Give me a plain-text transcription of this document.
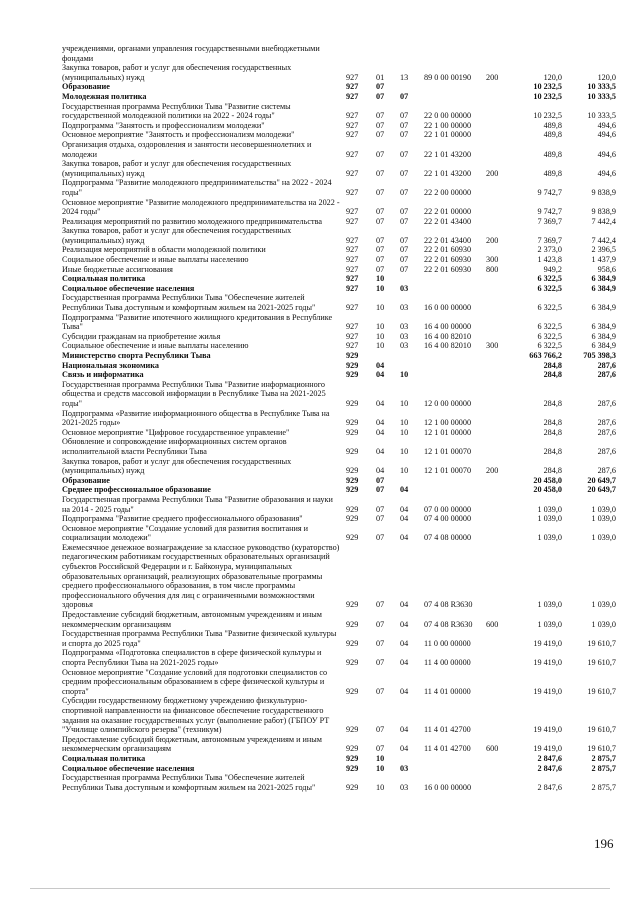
учреждениями, органами управления государственными внебюджетными фондами							
Закупка товаров, работ и услуг для обеспечения государственных (муниципальных) нужд	927	01	13	89 0 00 00190	200	120,0	120,0
Образование	927	07				10 232,5	10 333,5
Молодежная политика	927	07	07			10 232,5	10 333,5
Государственная программа Республики Тыва "Развитие системы государственной молодежной политики на 2022 - 2024 годы"	927	07	07	22 0 00 00000		10 232,5	10 333,5
Подпрограмма "Занятость и профессионализм молодежи"	927	07	07	22 1 00 00000		489,8	494,6
Основное мероприятие "Занятость и профессионализм молодежи"	927	07	07	22 1 01 00000		489,8	494,6
Организация отдыха, оздоровления и занятости несовершеннолетних и молодежи	927	07	07	22 1 01 43200		489,8	494,6
Закупка товаров, работ и услуг для обеспечения государственных (муниципальных) нужд	927	07	07	22 1 01 43200	200	489,8	494,6
Подпрограмма "Развитие молодежного предпринимательства" на 2022 - 2024 годы"	927	07	07	22 2 00 00000		9 742,7	9 838,9
Основное мероприятие "Развитие молодежного предпринимательства на 2022 - 2024 годы"	927	07	07	22 2 01 00000		9 742,7	9 838,9
Реализация мероприятий по развитию молодежного предпринимательства	927	07	07	22 2 01 43400		7 369,7	7 442,4
Закупка товаров, работ и услуг для обеспечения государственных (муниципальных) нужд	927	07	07	22 2 01 43400	200	7 369,7	7 442,4
Реализация мероприятий в области молодежной политики	927	07	07	22 2 01 60930		2 373,0	2 396,5
Социальное обеспечение и иные выплаты населению	927	07	07	22 2 01 60930	300	1 423,8	1 437,9
Иные бюджетные ассигнования	927	07	07	22 2 01 60930	800	949,2	958,6
Социальная политика	927	10				6 322,5	6 384,9
Социальное обеспечение населения	927	10	03			6 322,5	6 384,9
Государственная программа Республики Тыва "Обеспечение жителей Республики Тыва доступным и комфортным жильем на 2021-2025 годы"	927	10	03	16 0 00 00000		6 322,5	6 384,9
Подпрограмма "Развитие ипотечного жилищного кредитования в Республике Тыва"	927	10	03	16 4 00 00000		6 322,5	6 384,9
Субсидии гражданам на приобретение жилья	927	10	03	16 4 00 82010		6 322,5	6 384,9
Социальное обеспечение и иные выплаты населению	927	10	03	16 4 00 82010	300	6 322,5	6 384,9
Министерство спорта Республики Тыва	929					663 766,2	705 398,3
Национальная экономика	929	04				284,8	287,6
Связь и информатика	929	04	10			284,8	287,6
Государственная программа Республики Тыва "Развитие информационного общества и средств массовой информации в Республике Тыва на 2021-2025 годы"	929	04	10	12 0 00 00000		284,8	287,6
Подпрограмма «Развитие информационного общества в Республике Тыва на 2021-2025 годы»	929	04	10	12 1 00 00000		284,8	287,6
Основное мероприятие "Цифровое государственное управление"	929	04	10	12 1 01 00000		284,8	287,6
Обновление и сопровождение информационных систем органов исполнительной власти Республики Тыва	929	04	10	12 1 01 00070		284,8	287,6
Закупка товаров, работ и услуг для обеспечения государственных (муниципальных) нужд	929	04	10	12 1 01 00070	200	284,8	287,6
Образование	929	07				20 458,0	20 649,7
Среднее профессиональное образование	929	07	04			20 458,0	20 649,7
Государственная программа Республики Тыва "Развитие образования и науки на 2014 - 2025 годы"	929	07	04	07 0 00 00000		1 039,0	1 039,0
Подпрограмма "Развитие среднего профессионального образования"	929	07	04	07 4 00 00000		1 039,0	1 039,0
Основное мероприятие "Создание условий для развития воспитания и социализации молодежи"	929	07	04	07 4 08 00000		1 039,0	1 039,0
Ежемесячное денежное вознаграждение за классное руководство (кураторство) педагогическим работникам государственных образовательных организаций субъектов Российской Федерации и г. Байконура, муниципальных образовательных организаций, реализующих образовательные программы среднего профессионального образования, в том числе программы профессионального обучения для лиц с ограниченными возможностями здоровья	929	07	04	07 4 08 R3630		1 039,0	1 039,0
Предоставление субсидий бюджетным, автономным учреждениям и иным некоммерческим организациям	929	07	04	07 4 08 R3630	600	1 039,0	1 039,0
Государственная программа Республики Тыва "Развитие физической культуры и спорта до 2025 года"	929	07	04	11 0 00 00000		19 419,0	19 610,7
Подпрограмма «Подготовка специалистов в сфере физической культуры и спорта Республики Тыва на 2021-2025 годы»	929	07	04	11 4 00 00000		19 419,0	19 610,7
Основное мероприятие "Создание условий для подготовки специалистов со средним профессиональным образованием в сфере физической культуры и спорта"	929	07	04	11 4 01 00000		19 419,0	19 610,7
Субсидии государственному бюджетному учреждению физкультурно-спортивной направленности на финансовое обеспечение государственного задания на оказание государственных услуг (выполнение работ) (ГБПОУ РТ "Училище олимпийского резерва" (техникум)	929	07	04	11 4 01 42700		19 419,0	19 610,7
Предоставление субсидий бюджетным, автономным учреждениям и иным некоммерческим организациям	929	07	04	11 4 01 42700	600	19 419,0	19 610,7
Социальная политика	929	10				2 847,6	2 875,7
Социальное обеспечение населения	929	10	03			2 847,6	2 875,7
Государственная программа Республики Тыва "Обеспечение жителей Республики Тыва доступным и комфортным жильем на 2021-2025 годы"	929	10	03	16 0 00 00000		2 847,6	2 875,7
196
